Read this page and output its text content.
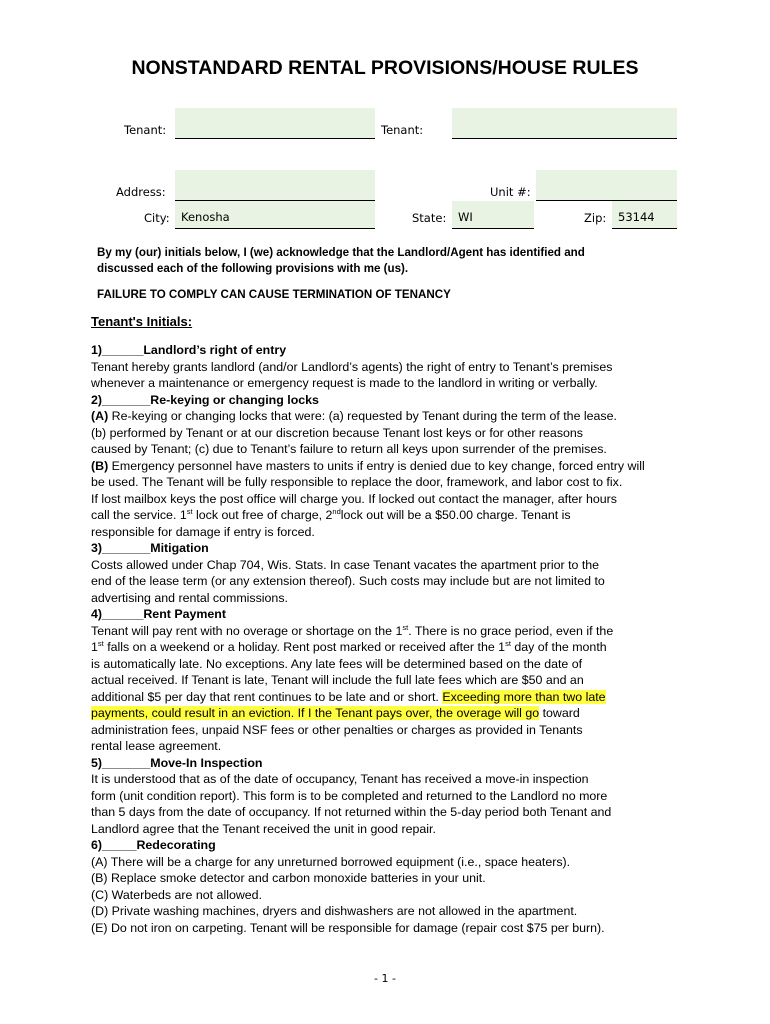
NONSTANDARD RENTAL PROVISIONS/HOUSE RULES
Tenant:	Tenant:
Address:	Unit #:
City: Kenosha	State:	WI	Zip:	53144
By my (our) initials below, I (we) acknowledge that the Landlord/Agent has identified and
discussed each of the following provisions with me (us).
FAILURE TO COMPLY CAN CAUSE TERMINATION OF TENANCY
Tenant's Initials:

1)______Landlord’s right of entry

Tenant hereby grants landlord (and/or Landlord’s agents) the right of entry to Tenant’s premises

whenever a maintenance or emergency request is made to the landlord in writing or verbally.

2)_______Re-keying or changing locks

(A) Re-keying or changing locks that were: (a) requested by Tenant during the term of the lease.

(b) performed by Tenant or at our discretion because Tenant lost keys or for other reasons

caused by Tenant; (c) due to Tenant’s failure to return all keys upon surrender of the premises.

(B) Emergency personnel have masters to units if entry is denied due to key change, forced entry will

be used. The Tenant will be fully responsible to replace the door, framework, and labor cost to fix.

If lost mailbox keys the post office will charge you. If locked out contact the manager, after hours

call the service. 1st lock out free of charge, 2ndlock out will be a $50.00 charge. Tenant is

responsible for damage if entry is forced.

3)_______Mitigation

Costs allowed under Chap 704, Wis. Stats. In case Tenant vacates the apartment prior to the

end of the lease term (or any extension thereof). Such costs may include but are not limited to

advertising and rental commissions.

4)______Rent Payment

Tenant will pay rent with no overage or shortage on the 1st. There is no grace period, even if the

1st falls on a weekend or a holiday. Rent post marked or received after the 1st day of the month

is automatically late. No exceptions. Any late fees will be determined based on the date of

actual received. If Tenant is late, Tenant will include the full late fees which are $50 and an

additional $5 per day that rent continues to be late and or short. Exceeding more than two late

payments, could result in an eviction. If I the Tenant pays over, the overage will go toward

administration fees, unpaid NSF fees or other penalties or charges as provided in Tenants

rental lease agreement.

5)_______Move-In Inspection

It is understood that as of the date of occupancy, Tenant has received a move-in inspection

form (unit condition report). This form is to be completed and returned to the Landlord no more

than 5 days from the date of occupancy. If not returned within the 5-day period both Tenant and

Landlord agree that the Tenant received the unit in good repair.

6)_____Redecorating

(A) There will be a charge for any unreturned borrowed equipment (i.e., space heaters).

(B) Replace smoke detector and carbon monoxide batteries in your unit.

(C) Waterbeds are not allowed.

(D) Private washing machines, dryers and dishwashers are not allowed in the apartment.

(E) Do not iron on carpeting. Tenant will be responsible for damage (repair cost $75 per burn).

- 1 -
